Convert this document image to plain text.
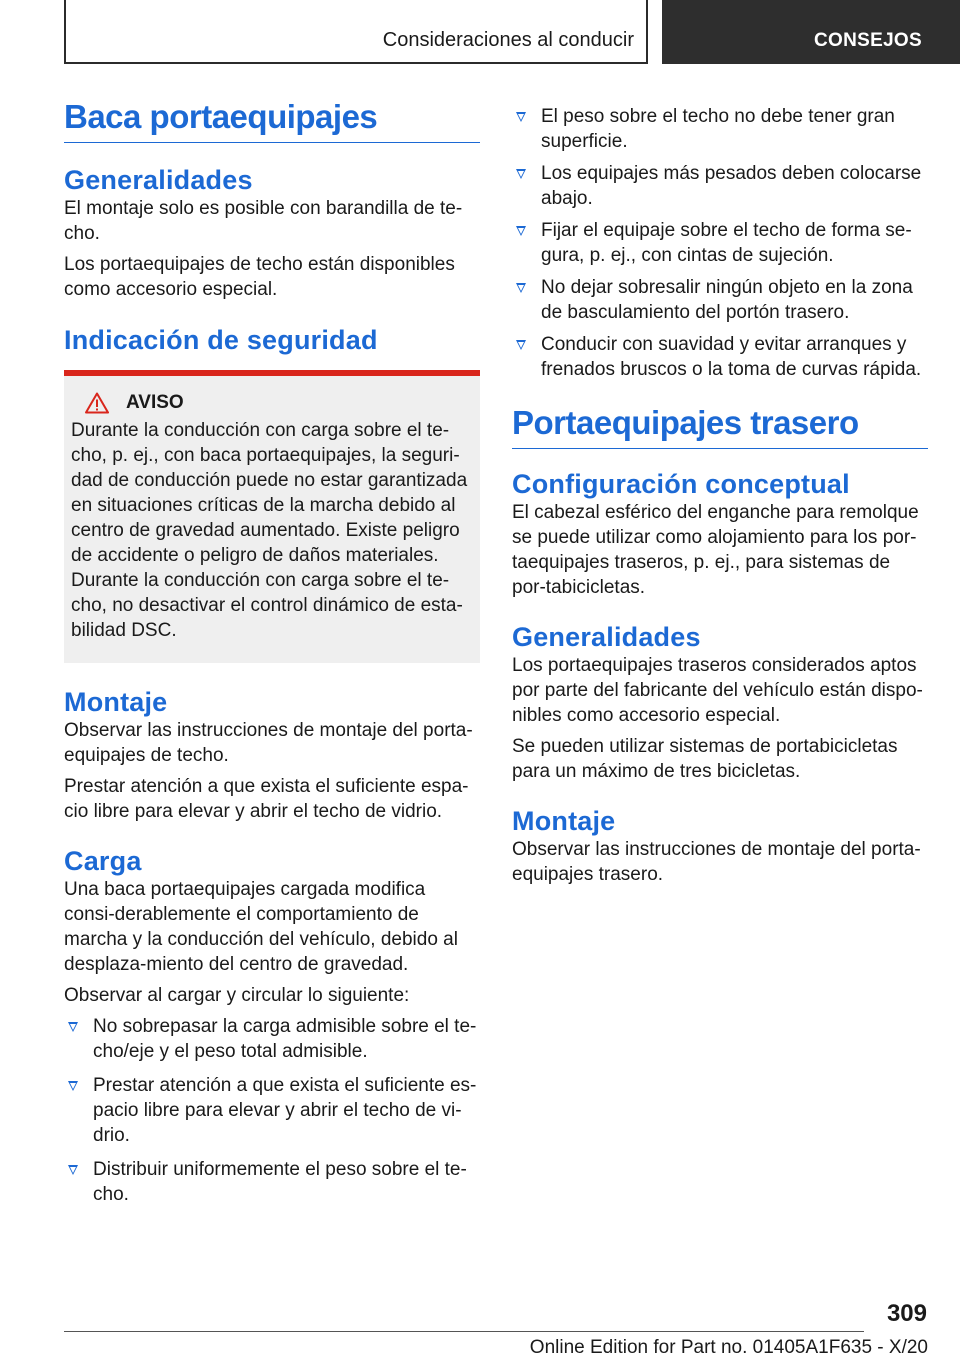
Consideraciones al conducir	CONSEJOS
Baca portaequipajes
Generalidades

El montaje solo es posible con barandilla de te-cho.

Los portaequipajes de techo están disponibles como accesorio especial.

Indicación de seguridad
AVISO

Durante la conducción con carga sobre el te-cho, p. ej., con baca portaequipajes, la seguri-dad de conducción puede no estar garantizada en situaciones críticas de la marcha debido al centro de gravedad aumentado. Existe peligro de accidente o peligro de daños materiales. Durante la conducción con carga sobre el te-cho, no desactivar el control dinámico de esta-bilidad DSC.

Montaje

Observar las instrucciones de montaje del porta-equipajes de techo.

Prestar atención a que exista el suficiente espa-cio libre para elevar y abrir el techo de vidrio.

Carga

Una baca portaequipajes cargada modifica consi-derablemente el comportamiento de marcha y la conducción del vehículo, debido al desplaza-miento del centro de gravedad.

Observar al cargar y circular lo siguiente:

No sobrepasar la carga admisible sobre el te-cho/eje y el peso total admisible.
Prestar atención a que exista el suficiente es-pacio libre para elevar y abrir el techo de vi-drio.
Distribuir uniformemente el peso sobre el te-cho.
El peso sobre el techo no debe tener gran superficie.
Los equipajes más pesados deben colocarse abajo.
Fijar el equipaje sobre el techo de forma se-gura, p. ej., con cintas de sujeción.
No dejar sobresalir ningún objeto en la zona de basculamiento del portón trasero.
Conducir con suavidad y evitar arranques y frenados bruscos o la toma de curvas rápida.
Portaequipajes trasero
Configuración conceptual

El cabezal esférico del enganche para remolque se puede utilizar como alojamiento para los por-taequipajes traseros, p. ej., para sistemas de por-tabicicletas.

Generalidades

Los portaequipajes traseros considerados aptos por parte del fabricante del vehículo están dispo-nibles como accesorio especial.

Se pueden utilizar sistemas de portabicicletas para un máximo de tres bicicletas.

Montaje

Observar las instrucciones de montaje del porta-equipajes trasero.

309
Online Edition for Part no. 01405A1F635 - X/20
